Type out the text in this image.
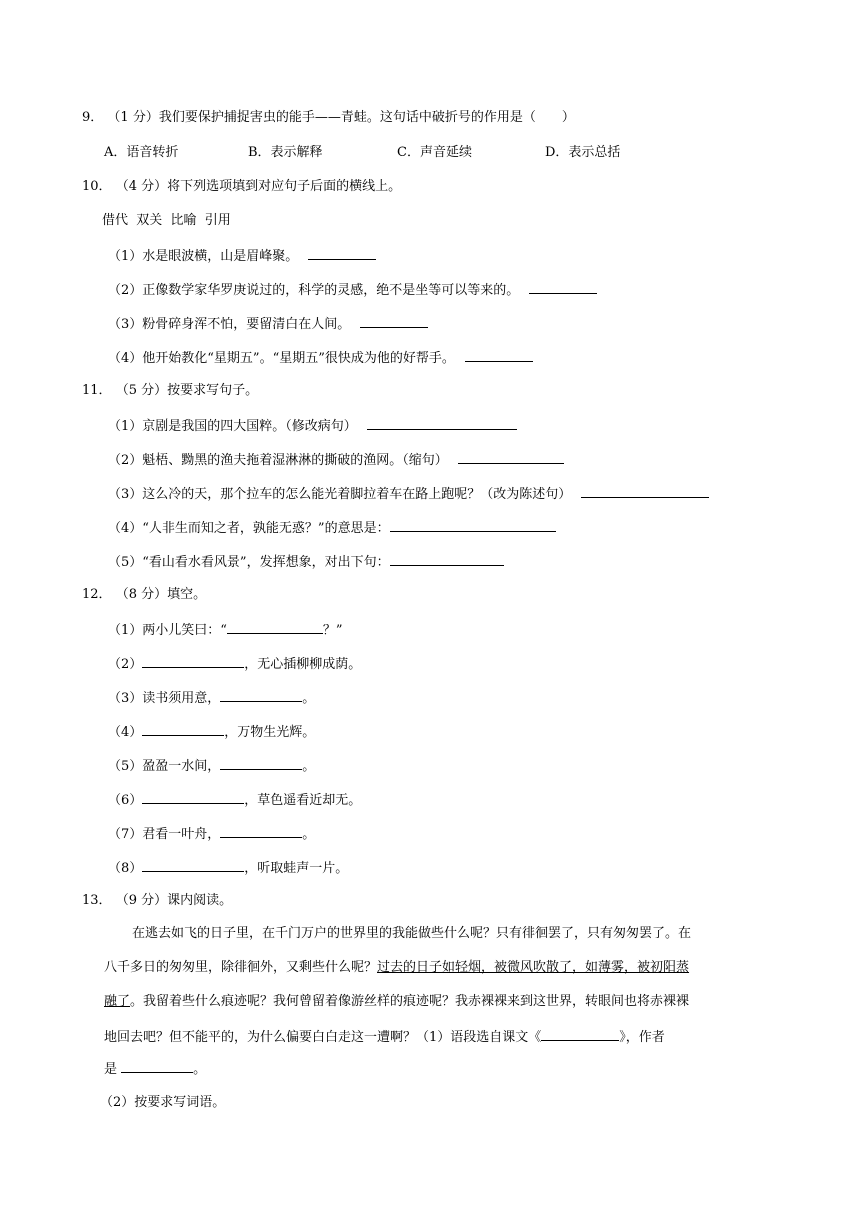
9． （1 分）我们要保护捕捉害虫的能手——青蛙。这句话中破折号的作用是（　　）
A．语音转折	B．表示解释	C．声音延续	D．表示总括
10． （4 分）将下列选项填到对应句子后面的横线上。
借代  双关  比喻  引用
（1）水是眼波横，山是眉峰聚。
（2）正像数学家华罗庚说过的，科学的灵感，绝不是坐等可以等来的。
（3）粉骨碎身浑不怕，要留清白在人间。
（4）他开始教化“星期五”。“星期五”很快成为他的好帮手。
11． （5 分）按要求写句子。
（1）京剧是我国的四大国粹。（修改病句）
（2）魁梧、黝黑的渔夫拖着湿淋淋的撕破的渔网。（缩句）
（3）这么冷的天，那个拉车的怎么能光着脚拉着车在路上跑呢？（改为陈述句）
（4）“人非生而知之者，孰能无惑？”的意思是：
（5）“看山看水看风景”，发挥想象，对出下句：
12． （8 分）填空。
（1）两小儿笑曰：“	？”
（2）	，无心插柳柳成荫。
（3）读书须用意，	。
（4）	，万物生光辉。
（5）盈盈一水间，	。
（6）	，草色遥看近却无。
（7）君看一叶舟，	。
（8）	，听取蛙声一片。
13． （9 分）课内阅读。
在逃去如飞的日子里，在千门万户的世界里的我能做些什么呢？只有徘徊罢了，只有匆匆罢了。在
八千多日的匆匆里，除徘徊外，又剩些什么呢？过去的日子如轻烟，被微风吹散了，如薄雾，被初阳蒸
融了。我留着些什么痕迹呢？我何曾留着像游丝样的痕迹呢？我赤裸裸来到这世界，转眼间也将赤裸裸
地回去吧？但不能平的，为什么偏要白白走这一遭啊？（1）语段选自课文《	》，作者
是	。
（2）按要求写词语。
